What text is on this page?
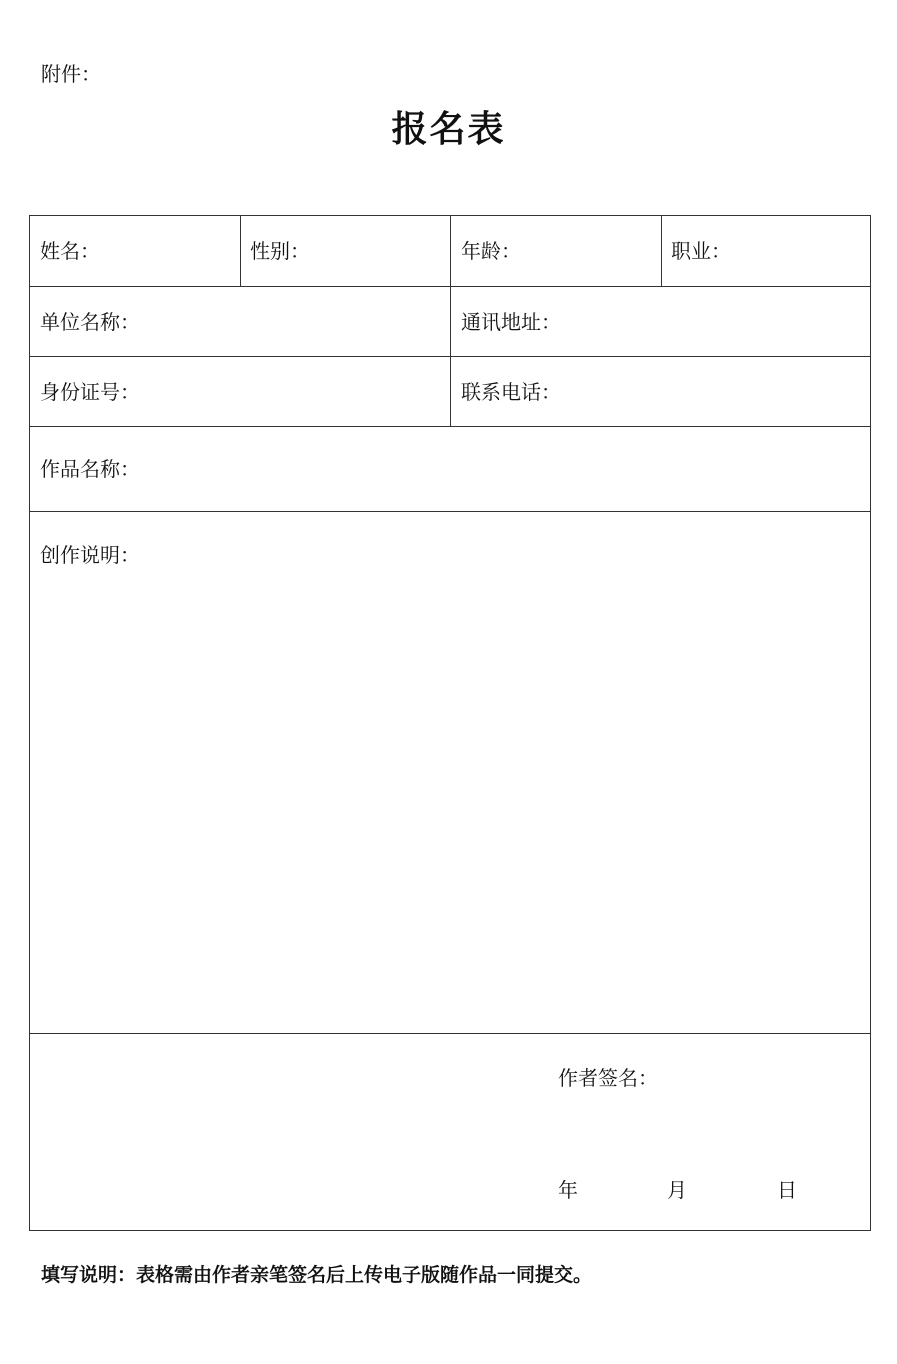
附件：
报名表
姓名：	性别：	年龄：	职业：
单位名称：	通讯地址：
身份证号：	联系电话：
作品名称：
创作说明：
作者签名：
年	月	日
填写说明：表格需由作者亲笔签名后上传电子版随作品一同提交。
